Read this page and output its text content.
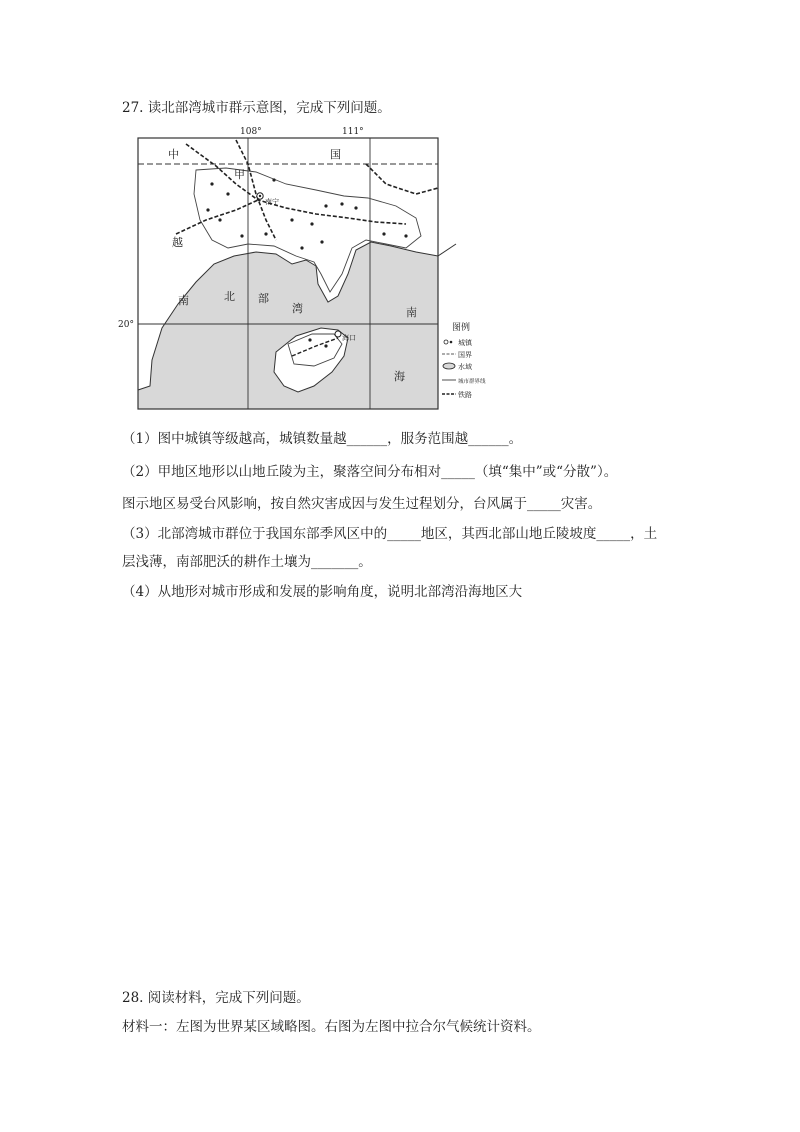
27. 读北部湾城市群示意图，完成下列问题。
108°	111°
中	国
甲
越
南	北 部
湾	南
海
南宁
海口
20°	图例
城镇
国界
水域
城市群界线
铁路
（1）图中城镇等级越高，城镇数量越______，服务范围越______。
（2）甲地区地形以山地丘陵为主，聚落空间分布相对_____（填“集中”或“分散”）。
图示地区易受台风影响，按自然灾害成因与发生过程划分，台风属于_____灾害。
（3）北部湾城市群位于我国东部季风区中的_____地区，其西北部山地丘陵坡度_____，土
层浅薄，南部肥沃的耕作土壤为_______。
（4）从地形对城市形成和发展的影响角度，说明北部湾沿海地区大
28. 阅读材料，完成下列问题。
材料一：左图为世界某区域略图。右图为左图中拉合尔气候统计资料。
